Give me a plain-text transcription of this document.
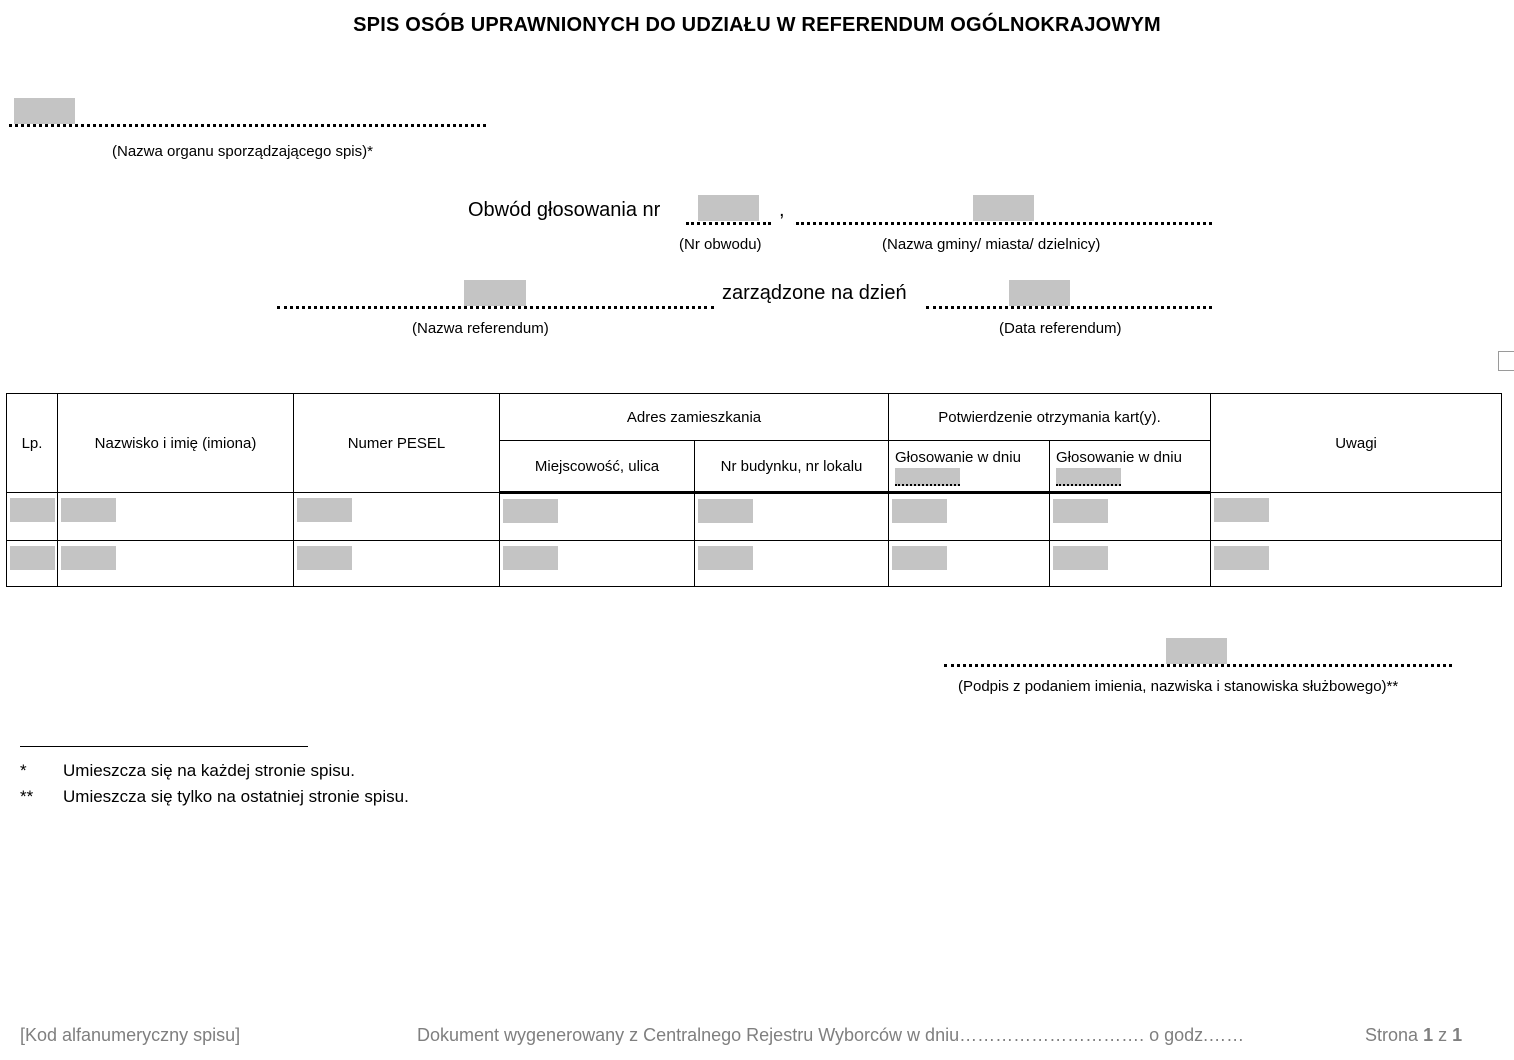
SPIS OSÓB UPRAWNIONYCH DO UDZIAŁU W REFERENDUM OGÓLNOKRAJOWYM
(Nazwa organu sporządzającego spis)*
Obwód głosowania nr	,
(Nr obwodu)	(Nazwa gminy/ miasta/ dzielnicy)
zarządzone na dzień
(Nazwa referendum)	(Data referendum)
Lp.	Nazwisko i imię (imiona)	Numer PESEL	Adres zamieszkania		Potwierdzenie otrzymania kart(y).		Uwagi
			Miejscowość, ulica	Nr budynku, nr lokalu	Głosowanie w dniu	Głosowanie w dniu	

(Podpis z podaniem imienia, nazwiska i stanowiska służbowego)**
* Umieszcza się na każdej stronie spisu.
** Umieszcza się tylko na ostatniej stronie spisu.
[Kod alfanumeryczny spisu]	Dokument wygenerowany z Centralnego Rejestru Wyborców w dniu…………………………. o godz.……	Strona 1 z 1
